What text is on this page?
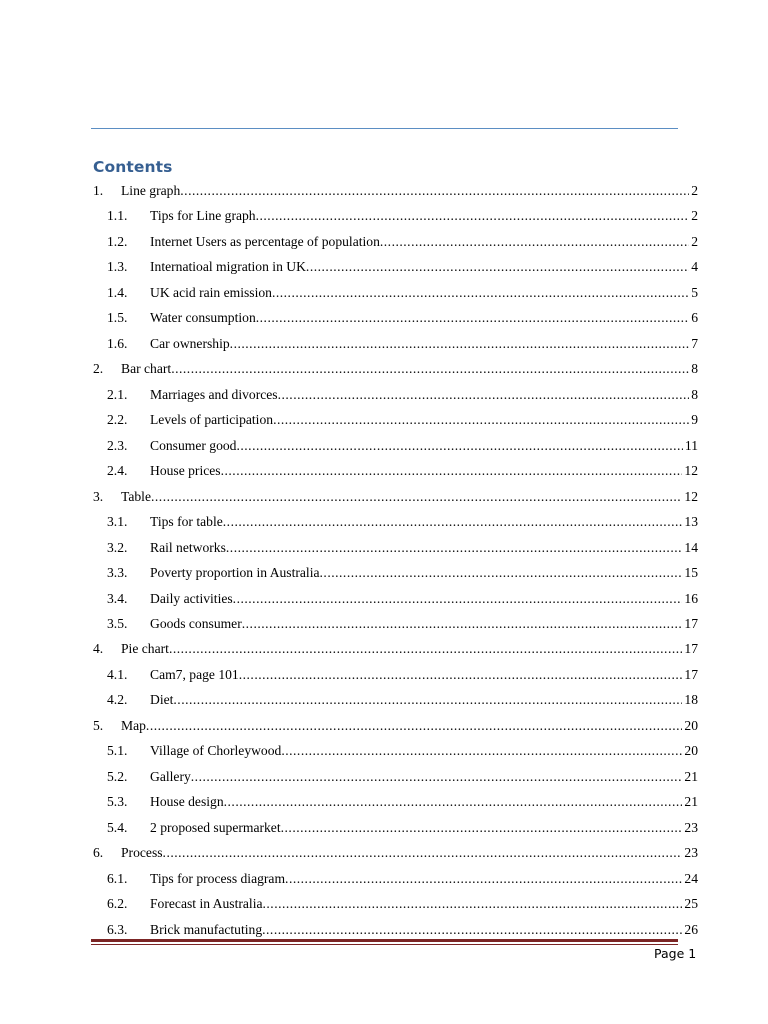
Contents
1.	Line graph .....	2
1.1.	Tips for Line graph .....	2
1.2.	Internet Users as percentage of population .....	2
1.3.	Internatioal migration in UK .....	4
1.4.	UK acid rain emission .....	5
1.5.	Water consumption .....	6
1.6.	Car ownership .....	7
2.	Bar chart .....	8
2.1.	Marriages and divorces .....	8
2.2.	Levels of participation .....	9
2.3.	Consumer good .....	11
2.4.	House prices .....	12
3.	Table .....	12
3.1.	Tips for table .....	13
3.2.	Rail networks .....	14
3.3.	Poverty proportion in Australia .....	15
3.4.	Daily activities .....	16
3.5.	Goods consumer .....	17
4.	Pie chart .....	17
4.1.	Cam7, page 101 .....	17
4.2.	Diet .....	18
5.	Map .....	20
5.1.	Village of Chorleywood .....	20
5.2.	Gallery .....	21
5.3.	House design .....	21
5.4.	2 proposed supermarket .....	23
6.	Process .....	23
6.1.	Tips for process diagram .....	24
6.2.	Forecast in Australia .....	25
6.3.	Brick manufactuting .....	26
Page 1
